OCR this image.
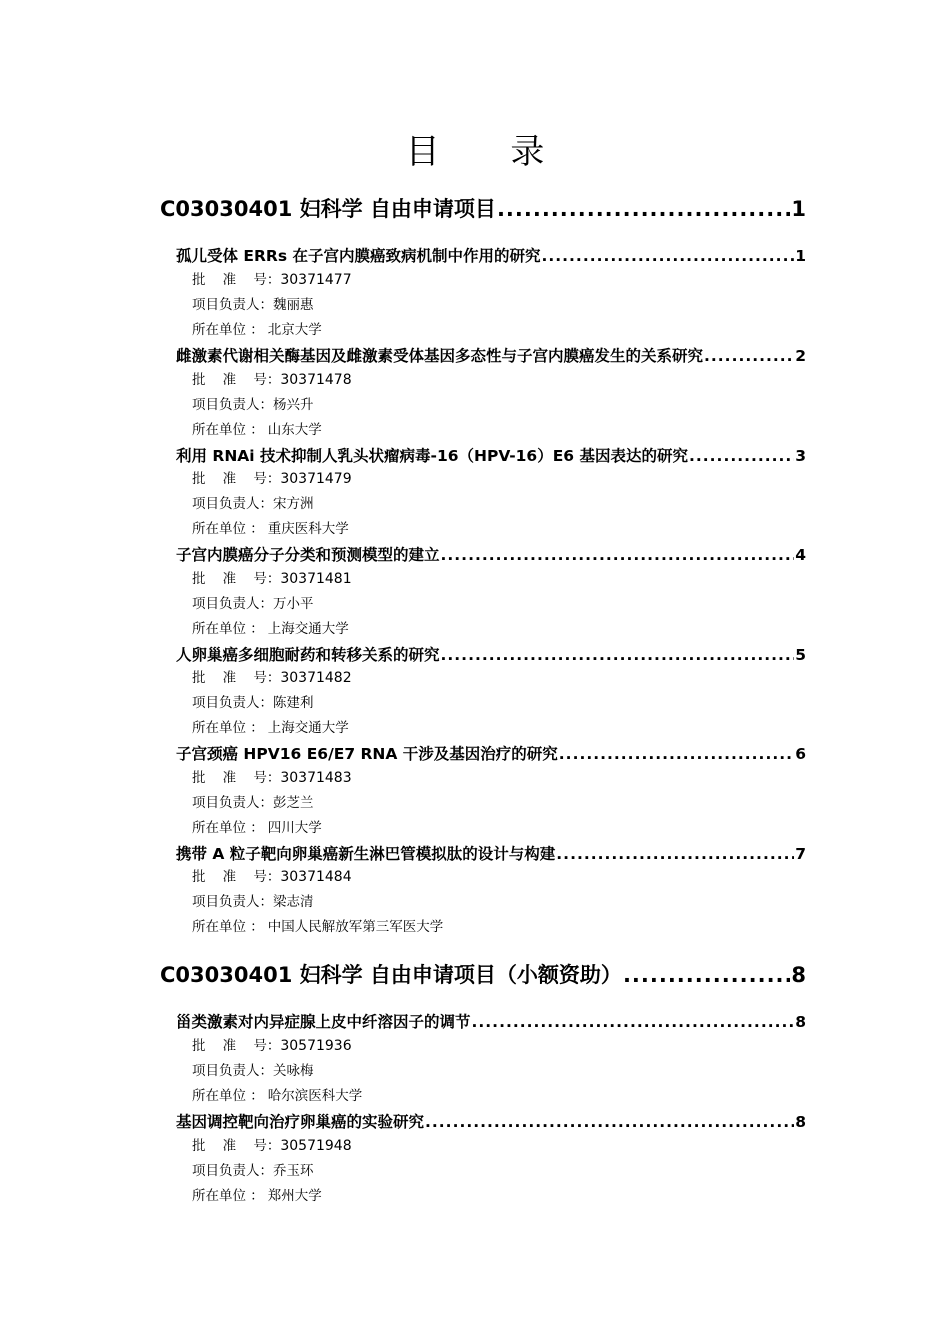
目 录
C03030401 妇科学 自由申请项目 .....	1
孤儿受体 ERRs 在子宫内膜癌致病机制中作用的研究 .....	1
批    准    号：30371477
项目负责人：魏丽惠
所在单位 ： 北京大学
雌激素代谢相关酶基因及雌激素受体基因多态性与子宫内膜癌发生的关系研究 .....	2
批    准    号：30371478
项目负责人：杨兴升
所在单位 ： 山东大学
利用 RNAi 技术抑制人乳头状瘤病毒-16（HPV-16）E6 基因表达的研究 .....	3
批    准    号：30371479
项目负责人：宋方洲
所在单位 ： 重庆医科大学
子宫内膜癌分子分类和预测模型的建立 .....	4
批    准    号：30371481
项目负责人：万小平
所在单位 ： 上海交通大学
人卵巢癌多细胞耐药和转移关系的研究 .....	5
批    准    号：30371482
项目负责人：陈建利
所在单位 ： 上海交通大学
子宫颈癌 HPV16 E6/E7 RNA 干涉及基因治疗的研究 .....	6
批    准    号：30371483
项目负责人：彭芝兰
所在单位 ： 四川大学
携带 A 粒子靶向卵巢癌新生淋巴管模拟肽的设计与构建 .....	7
批    准    号：30371484
项目负责人：梁志清
所在单位 ： 中国人民解放军第三军医大学
C03030401 妇科学 自由申请项目（小额资助） .....	8
甾类激素对内异症腺上皮中纤溶因子的调节 .....	8
批    准    号：30571936
项目负责人：关咏梅
所在单位 ： 哈尔滨医科大学
基因调控靶向治疗卵巢癌的实验研究 .....	8
批    准    号：30571948
项目负责人：乔玉环
所在单位 ： 郑州大学
